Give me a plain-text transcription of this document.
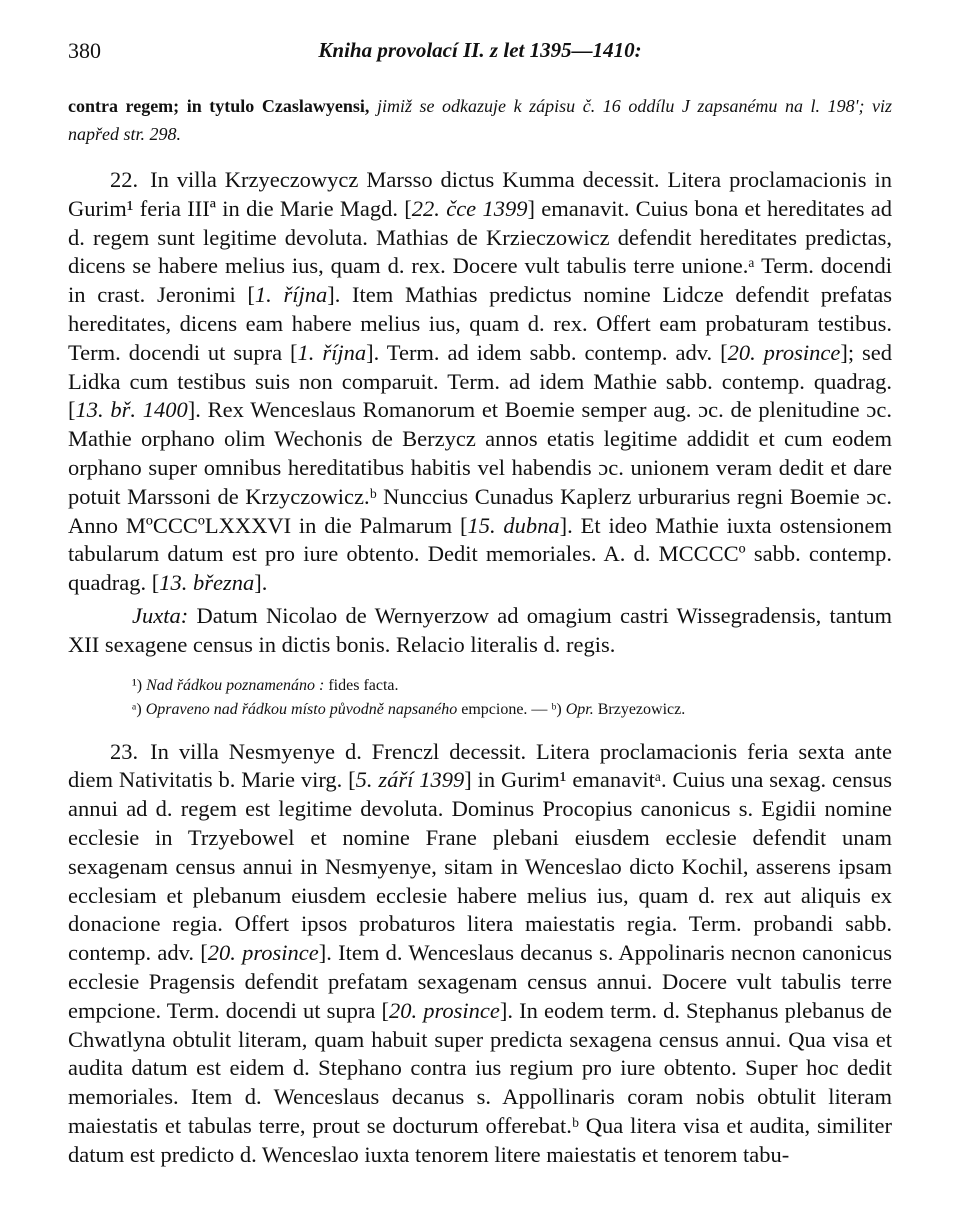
380	Kniha provolací II. z let 1395—1410:

contra regem; in tytulo Czaslawyensi, jimiž se odkazuje k zápisu č. 16 oddílu J zapsanému na l. 198'; viz napřed str. 298.

22. In villa Krzyeczowycz Marsso dictus Kumma decessit. Litera proclamacionis in Gurim¹ feria IIIª in die Marie Magd. [22. čce 1399] emanavit. Cuius bona et hereditates ad d. regem sunt legitime devoluta. Mathias de Krzieczowicz defendit hereditates predictas, dicens se habere melius ius, quam d. rex. Docere vult tabulis terre unione.ᵃ Term. docendi in crast. Jeronimi [1. října]. Item Mathias predictus nomine Lidcze defendit prefatas hereditates, dicens eam habere melius ius, quam d. rex. Offert eam probaturam testibus. Term. docendi ut supra [1. října]. Term. ad idem sabb. contemp. adv. [20. prosince]; sed Lidka cum testibus suis non comparuit. Term. ad idem Mathie sabb. contemp. quadrag. [13. bř. 1400]. Rex Wenceslaus Romanorum et Boemie semper aug. ɔc. de plenitudine ɔc. Mathie orphano olim Wechonis de Berzycz annos etatis legitime addidit et cum eodem orphano super omnibus hereditatibus habitis vel habendis ɔc. unionem veram dedit et dare potuit Marssoni de Krzyczowicz.ᵇ Nunccius Cunadus Kaplerz urburarius regni Boemie ɔc. Anno MºCCCºLXXXVI in die Palmarum [15. dubna]. Et ideo Mathie iuxta ostensionem tabularum datum est pro iure obtento. Dedit memoriales. A. d. MCCCCº sabb. contemp. quadrag. [13. března].

Juxta: Datum Nicolao de Wernyerzow ad omagium castri Wissegradensis, tantum XII sexagene census in dictis bonis. Relacio literalis d. regis.

¹) Nad řádkou poznamenáno : fides facta.
ᵃ) Opraveno nad řádkou místo původně napsaného empcione. — ᵇ) Opr. Brzyezowicz.

23. In villa Nesmyenye d. Frenczl decessit. Litera proclamacionis feria sexta ante diem Nativitatis b. Marie virg. [5. září 1399] in Gurim¹ emanavitᵃ. Cuius una sexag. census annui ad d. regem est legitime devoluta. Dominus Procopius canonicus s. Egidii nomine ecclesie in Trzyebowel et nomine Frane plebani eiusdem ecclesie defendit unam sexagenam census annui in Nesmyenye, sitam in Wenceslao dicto Kochil, asserens ipsam ecclesiam et plebanum eiusdem ecclesie habere melius ius, quam d. rex aut aliquis ex donacione regia. Offert ipsos probaturos litera maiestatis regia. Term. probandi sabb. contemp. adv. [20. prosince]. Item d. Wenceslaus decanus s. Appolinaris necnon canonicus ecclesie Pragensis defendit prefatam sexagenam census annui. Docere vult tabulis terre empcione. Term. docendi ut supra [20. prosince]. In eodem term. d. Stephanus plebanus de Chwatlyna obtulit literam, quam habuit super predicta sexagena census annui. Qua visa et audita datum est eidem d. Stephano contra ius regium pro iure obtento. Super hoc dedit memoriales. Item d. Wenceslaus decanus s. Appollinaris coram nobis obtulit literam maiestatis et tabulas terre, prout se docturum offerebat.ᵇ Qua litera visa et audita, similiter datum est predicto d. Wenceslao iuxta tenorem litere maiestatis et tenorem tabu-
